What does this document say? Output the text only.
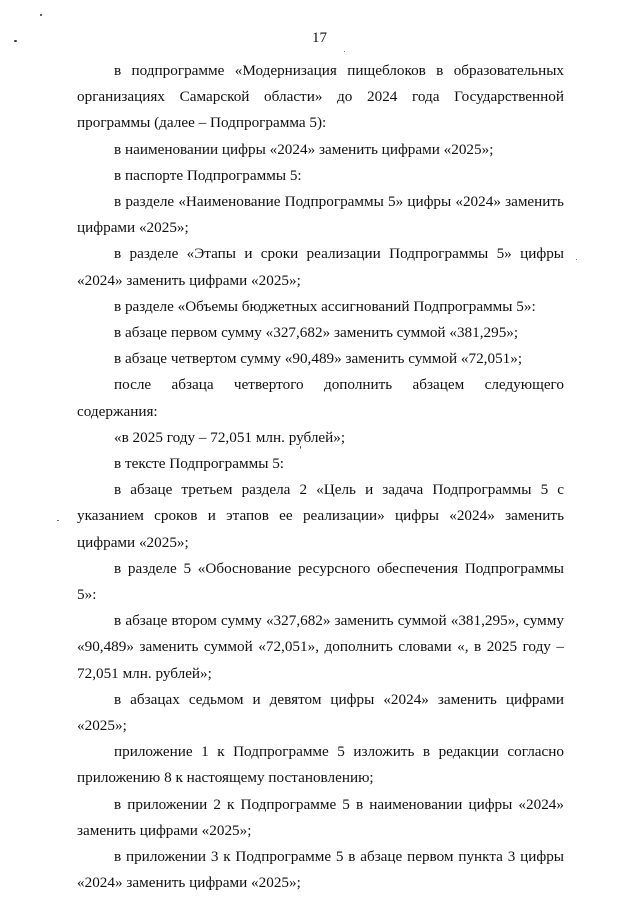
17

в подпрограмме «Модернизация пищеблоков в образовательных организациях Самарской области» до 2024 года Государственной программы (далее – Подпрограмма 5):

в наименовании цифры «2024» заменить цифрами «2025»;

в паспорте Подпрограммы 5:

в разделе «Наименование Подпрограммы 5» цифры «2024» заменить цифрами «2025»;

в разделе «Этапы и сроки реализации Подпрограммы 5» цифры «2024» заменить цифрами «2025»;

в разделе «Объемы бюджетных ассигнований Подпрограммы 5»:

в абзаце первом сумму «327,682» заменить суммой «381,295»;

в абзаце четвертом сумму «90,489» заменить суммой «72,051»;

после абзаца четвертого дополнить абзацем следующего содержания:

«в 2025 году – 72,051 млн. рублей»;

в тексте Подпрограммы 5:

в абзаце третьем раздела 2 «Цель и задача Подпрограммы 5 с указанием сроков и этапов ее реализации» цифры «2024» заменить цифрами «2025»;

в разделе 5 «Обоснование ресурсного обеспечения Подпрограммы 5»:

в абзаце втором сумму «327,682» заменить суммой «381,295», сумму «90,489» заменить суммой «72,051», дополнить словами «, в 2025 году – 72,051 млн. рублей»;

в абзацах седьмом и девятом цифры «2024» заменить цифрами «2025»;

приложение 1 к Подпрограмме 5 изложить в редакции согласно приложению 8 к настоящему постановлению;

в приложении 2 к Подпрограмме 5 в наименовании цифры «2024» заменить цифрами «2025»;

в приложении 3 к Подпрограмме 5 в абзаце первом пункта 3 цифры «2024» заменить цифрами «2025»;
